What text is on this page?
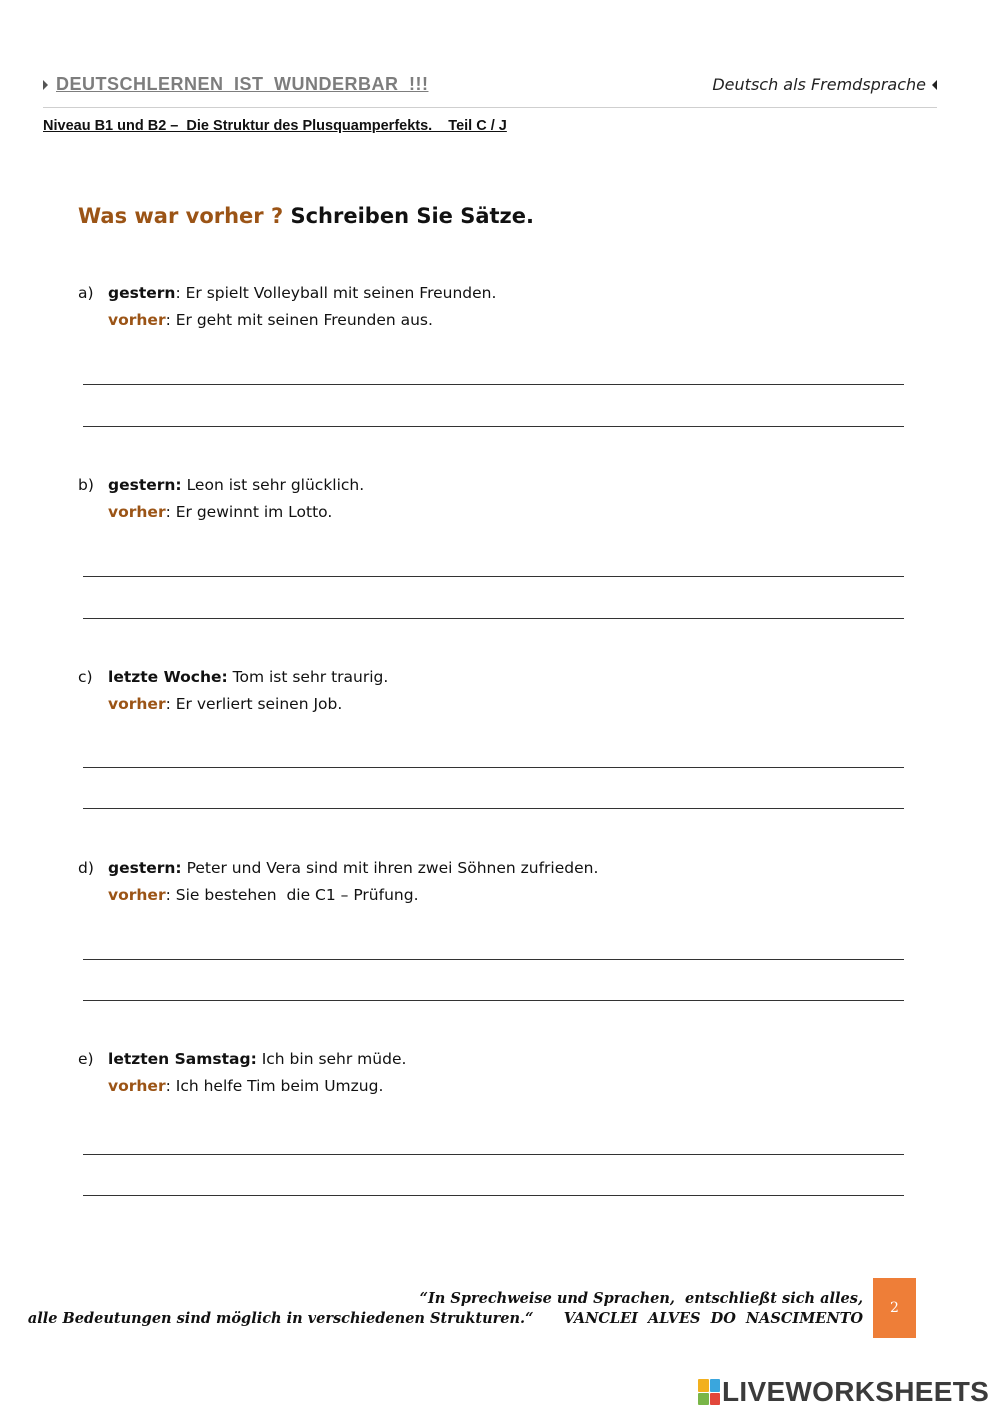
DEUTSCHLERNEN IST WUNDERBAR !!!	Deutsch als Fremdsprache
Niveau B1 und B2 –  Die Struktur des Plusquamperfekts.    Teil C / J
Was war vorher ? Schreiben Sie Sätze.
a) gestern: Er spielt Volleyball mit seinen Freunden.
vorher: Er geht mit seinen Freunden aus.
b) gestern: Leon ist sehr glücklich.
vorher: Er gewinnt im Lotto.
c) letzte Woche: Tom ist sehr traurig.
vorher: Er verliert seinen Job.
d) gestern: Peter und Vera sind mit ihren zwei Söhnen zufrieden.
vorher: Sie bestehen  die C1 – Prüfung.
e) letzten Samstag: Ich bin sehr müde.
vorher: Ich helfe Tim beim Umzug.
“In Sprechweise und Sprachen,  entschließt sich alles,
alle Bedeutungen sind möglich in verschiedenen Strukturen.“      VANCLEI  ALVES  DO  NASCIMENTO
2
LIVEWORKSHEETS
